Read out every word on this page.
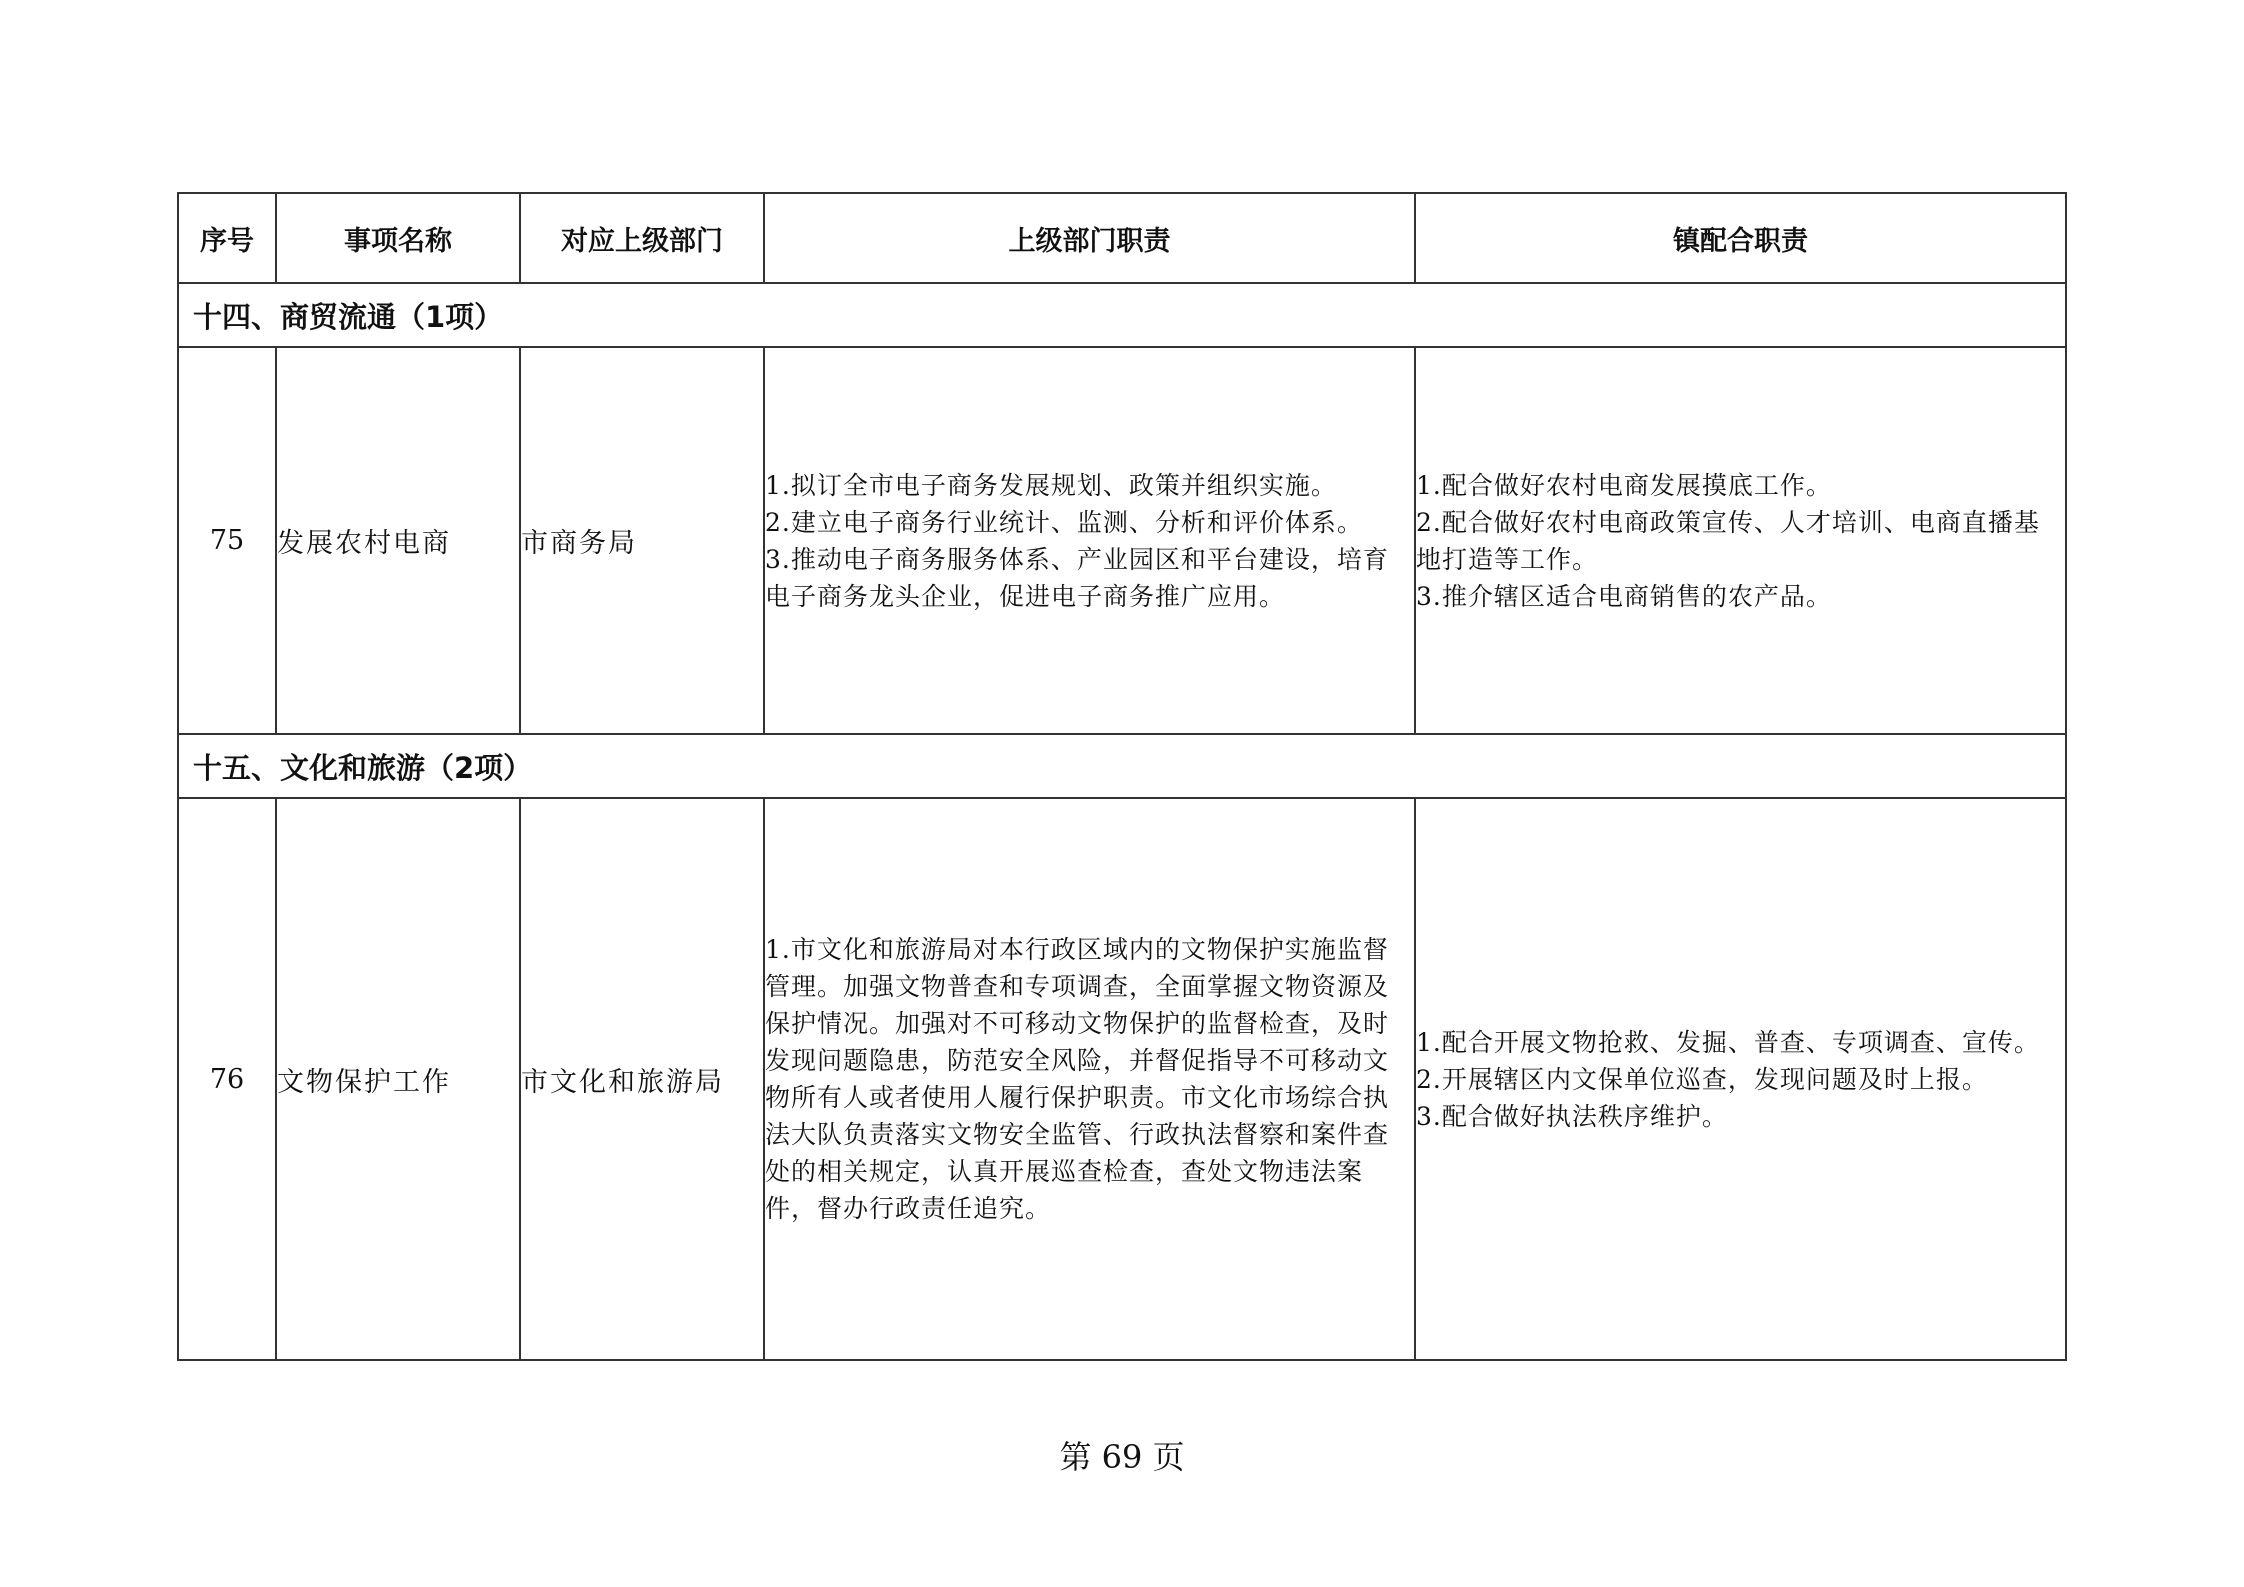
序号	事项名称	对应上级部门	上级部门职责	镇配合职责
十四、商贸流通（1项）				
75	发展农村电商	市商务局	1.拟订全市电子商务发展规划、政策并组织实施。
2.建立电子商务行业统计、监测、分析和评价体系。
3.推动电子商务服务体系、产业园区和平台建设，培育电子商务龙头企业，促进电子商务推广应用。	1.配合做好农村电商发展摸底工作。
2.配合做好农村电商政策宣传、人才培训、电商直播基地打造等工作。
3.推介辖区适合电商销售的农产品。

十五、文化和旅游（2项）				
76	文物保护工作	市文化和旅游局	1.市文化和旅游局对本行政区域内的文物保护实施监督管理。加强文物普查和专项调查，全面掌握文物资源及保护情况。加强对不可移动文物保护的监督检查，及时发现问题隐患，防范安全风险，并督促指导不可移动文物所有人或者使用人履行保护职责。市文化市场综合执法大队负责落实文物安全监管、行政执法督察和案件查处的相关规定，认真开展巡查检查，查处文物违法案件，督办行政责任追究。	1.配合开展文物抢救、发掘、普查、专项调查、宣传。
2.开展辖区内文保单位巡查，发现问题及时上报。
3.配合做好执法秩序维护。
第 69 页
